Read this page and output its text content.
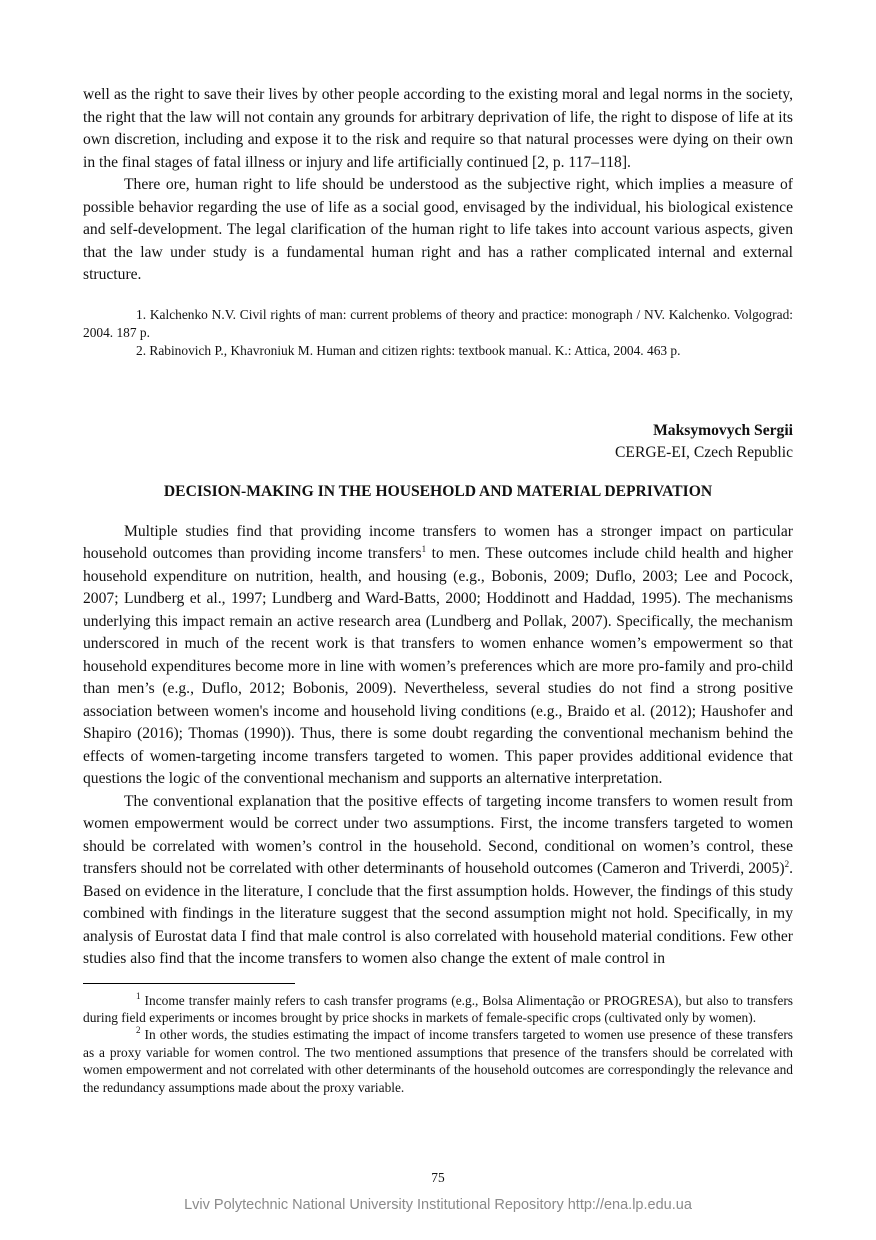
well as the right to save their lives by other people according to the existing moral and legal norms in the society, the right that the law will not contain any grounds for arbitrary deprivation of life, the right to dispose of life at its own discretion, including and expose it to the risk and require so that natural processes were dying on their own in the final stages of fatal illness or injury and life artificially continued [2, p. 117–118].

There ore, human right to life should be understood as the subjective right, which implies a measure of possible behavior regarding the use of life as a social good, envisaged by the individual, his biological existence and self-development. The legal clarification of the human right to life takes into account various aspects, given that the law under study is a fundamental human right and has a rather complicated internal and external structure.

1. Kalchenko N.V. Civil rights of man: current problems of theory and practice: monograph / NV. Kalchenko. Volgograd: 2004. 187 p.

2. Rabinovich P., Khavroniuk M. Human and citizen rights: textbook manual. K.: Attica, 2004. 463 p.

Maksymovych Sergii
CERGE-EI, Czech Republic
DECISION-MAKING IN THE HOUSEHOLD AND MATERIAL DEPRIVATION

Multiple studies find that providing income transfers to women has a stronger impact on particular household outcomes than providing income transfers$^1$ to men. These outcomes include child health and higher household expenditure on nutrition, health, and housing (e.g., Bobonis, 2009; Duflo, 2003; Lee and Pocock, 2007; Lundberg et al., 1997; Lundberg and Ward-Batts, 2000; Hoddinott and Haddad, 1995). The mechanisms underlying this impact remain an active research area (Lundberg and Pollak, 2007). Specifically, the mechanism underscored in much of the recent work is that transfers to women enhance women’s empowerment so that household expenditures become more in line with women’s preferences which are more pro-family and pro-child than men’s (e.g., Duflo, 2012; Bobonis, 2009). Nevertheless, several studies do not find a strong positive association between women's income and household living conditions (e.g., Braido et al. (2012); Haushofer and Shapiro (2016); Thomas (1990)). Thus, there is some doubt regarding the conventional mechanism behind the effects of women-targeting income transfers targeted to women. This paper provides additional evidence that questions the logic of the conventional mechanism and supports an alternative interpretation.

The conventional explanation that the positive effects of targeting income transfers to women result from women empowerment would be correct under two assumptions. First, the income transfers targeted to women should be correlated with women’s control in the household. Second, conditional on women’s control, these transfers should not be correlated with other determinants of household outcomes (Cameron and Triverdi, 2005)$^2$. Based on evidence in the literature, I conclude that the first assumption holds. However, the findings of this study combined with findings in the literature suggest that the second assumption might not hold. Specifically, in my analysis of Eurostat data I find that male control is also correlated with household material conditions. Few other studies also find that the income transfers to women also change the extent of male control in

$^1$ Income transfer mainly refers to cash transfer programs (e.g., Bolsa Alimentação or PROGRESA), but also to transfers during field experiments or incomes brought by price shocks in markets of female-specific crops (cultivated only by women).

$^2$ In other words, the studies estimating the impact of income transfers targeted to women use presence of these transfers as a proxy variable for women control. The two mentioned assumptions that presence of the transfers should be correlated with women empowerment and not correlated with other determinants of the household outcomes are correspondingly the relevance and the redundancy assumptions made about the proxy variable.

75
Lviv Polytechnic National University Institutional Repository http://ena.lp.edu.ua
